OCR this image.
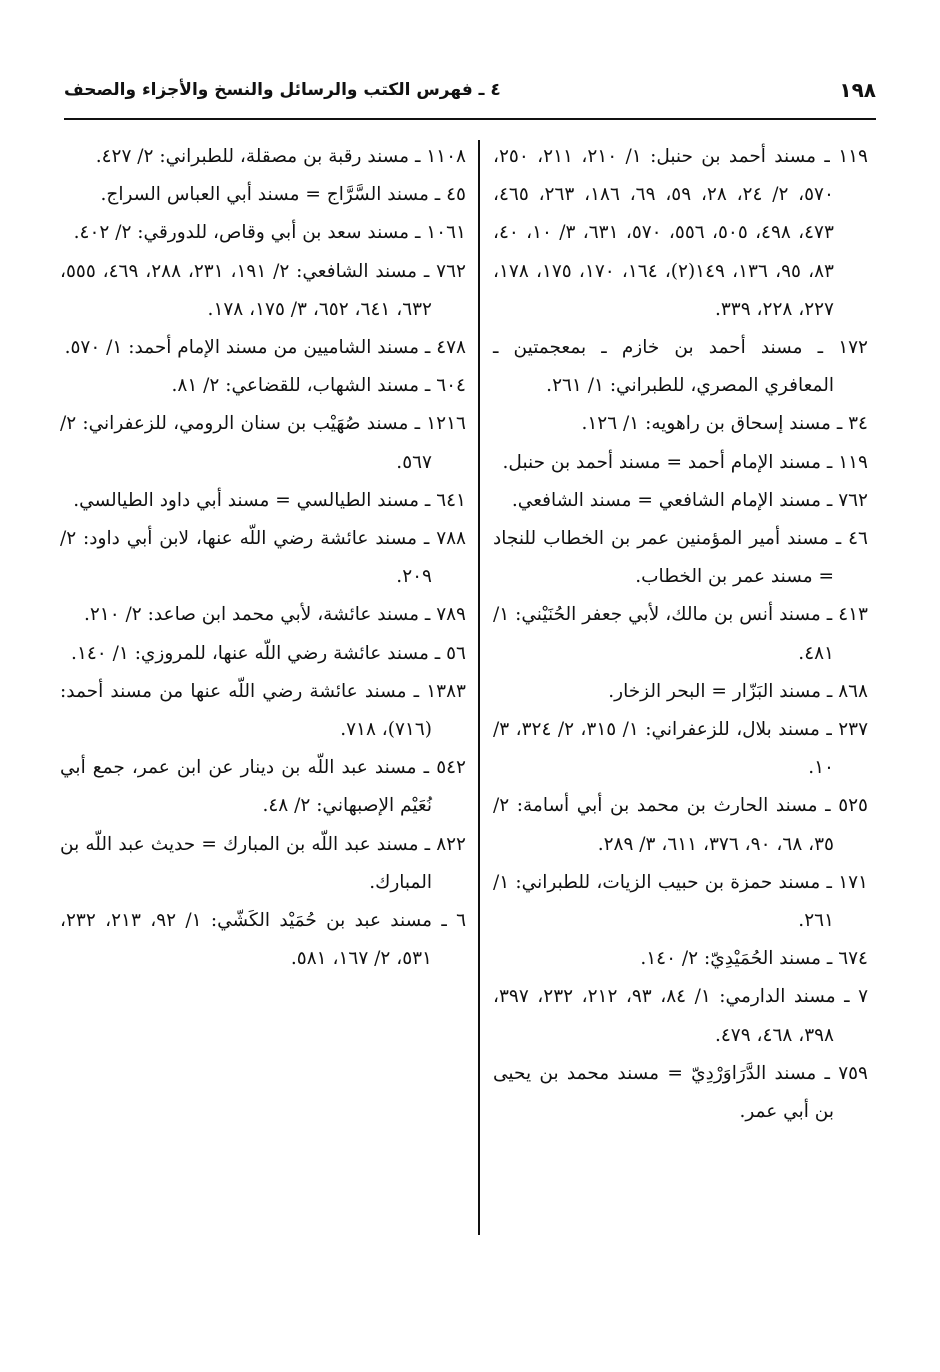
١٩٨
٤ ـ فهرس الكتب والرسائل والنسخ والأجزاء والصحف

١١٩ ـ مسند أحمد بن حنبل: ١/ ٢١٠، ٢١١، ٢٥٠، ٥٧٠، ٢/ ٢٤، ٢٨، ٥٩، ٦٩، ١٨٦، ٢٦٣، ٤٦٥، ٤٧٣، ٤٩٨، ٥٠٥، ٥٥٦، ٥٧٠، ٦٣١، ٣/ ١٠، ٤٠، ٨٣، ٩٥، ١٣٦، ١٤٩(٢)، ١٦٤، ١٧٠، ١٧٥، ١٧٨، ٢٢٧، ٢٢٨، ٣٣٩.

١٧٢ ـ مسند أحمد بن خازم ـ بمعجمتين ـ المعافري المصري، للطبراني: ١/ ٢٦١.

٣٤ ـ مسند إسحاق بن راهويه: ١/ ١٢٦.

١١٩ ـ مسند الإمام أحمد = مسند أحمد بن حنبل.

٧٦٢ ـ مسند الإمام الشافعي = مسند الشافعي.

٤٦ ـ مسند أمير المؤمنين عمر بن الخطاب للنجاد = مسند عمر بن الخطاب.

٤١٣ ـ مسند أنس بن مالك، لأبي جعفر الحُنَيْني: ١/ ٤٨١.

٨٦٨ ـ مسند البَزّار = البحر الزخار.

٢٣٧ ـ مسند بلال، للزعفراني: ١/ ٣١٥، ٢/ ٣٢٤، ٣/ ١٠.

٥٢٥ ـ مسند الحارث بن محمد بن أبي أسامة: ٢/ ٣٥، ٦٨، ٩٠، ٣٧٦، ٦١١، ٣/ ٢٨٩.

١٧١ ـ مسند حمزة بن حبيب الزيات، للطبراني: ١/ ٢٦١.

٦٧٤ ـ مسند الحُمَيْدِيّ: ٢/ ١٤٠.

٧ ـ مسند الدارمي: ١/ ٨٤، ٩٣، ٢١٢، ٢٣٢، ٣٩٧، ٣٩٨، ٤٦٨، ٤٧٩.

٧٥٩ ـ مسند الدَّرَاوَرْدِيّ = مسند محمد بن يحيى بن أبي عمر.

١١٠٨ ـ مسند رقبة بن مصقلة، للطبراني: ٢/ ٤٢٧.

٤٥ ـ مسند السَّرَّاج = مسند أبي العباس السراج.

١٠٦١ ـ مسند سعد بن أبي وقاص، للدورقي: ٢/ ٤٠٢.

٧٦٢ ـ مسند الشافعي: ٢/ ١٩١، ٢٣١، ٢٨٨، ٤٦٩، ٥٥٥، ٦٣٢، ٦٤١، ٦٥٢، ٣/ ١٧٥، ١٧٨.

٤٧٨ ـ مسند الشاميين من مسند الإمام أحمد: ١/ ٥٧٠.

٦٠٤ ـ مسند الشهاب، للقضاعي: ٢/ ٨١.

١٢١٦ ـ مسند صُهَيْب بن سنان الرومي، للزعفراني: ٢/ ٥٦٧.

٦٤١ ـ مسند الطيالسي = مسند أبي داود الطيالسي.

٧٨٨ ـ مسند عائشة رضي اللّه عنها، لابن أبي داود: ٢/ ٢٠٩.

٧٨٩ ـ مسند عائشة، لأبي محمد ابن صاعد: ٢/ ٢١٠.

٥٦ ـ مسند عائشة رضي اللّه عنها، للمروزي: ١/ ١٤٠.

١٣٨٣ ـ مسند عائشة رضي اللّه عنها من مسند أحمد: (٧١٦)، ٧١٨.

٥٤٢ ـ مسند عبد اللّه بن دينار عن ابن عمر، جمع أبي نُعَيْم الإصبهاني: ٢/ ٤٨.

٨٢٢ ـ مسند عبد اللّه بن المبارك = حديث عبد اللّه بن المبارك.

٦ ـ مسند عبد بن حُمَيْد الكَشّي: ١/ ٩٢، ٢١٣، ٢٣٢، ٥٣١، ٢/ ١٦٧، ٥٨١.
